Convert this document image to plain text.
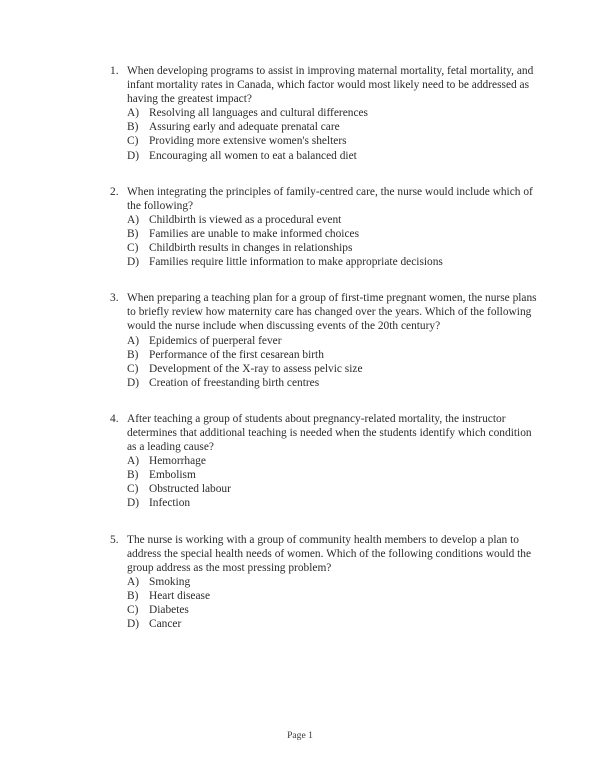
1. When developing programs to assist in improving maternal mortality, fetal mortality, and infant mortality rates in Canada, which factor would most likely need to be addressed as having the greatest impact?
A) Resolving all languages and cultural differences
B) Assuring early and adequate prenatal care
C) Providing more extensive women's shelters
D) Encouraging all women to eat a balanced diet
2. When integrating the principles of family-centred care, the nurse would include which of the following?
A) Childbirth is viewed as a procedural event
B) Families are unable to make informed choices
C) Childbirth results in changes in relationships
D) Families require little information to make appropriate decisions
3. When preparing a teaching plan for a group of first-time pregnant women, the nurse plans to briefly review how maternity care has changed over the years. Which of the following would the nurse include when discussing events of the 20th century?
A) Epidemics of puerperal fever
B) Performance of the first cesarean birth
C) Development of the X-ray to assess pelvic size
D) Creation of freestanding birth centres
4. After teaching a group of students about pregnancy-related mortality, the instructor determines that additional teaching is needed when the students identify which condition as a leading cause?
A) Hemorrhage
B) Embolism
C) Obstructed labour
D) Infection
5. The nurse is working with a group of community health members to develop a plan to address the special health needs of women. Which of the following conditions would the group address as the most pressing problem?
A) Smoking
B) Heart disease
C) Diabetes
D) Cancer
Page 1
